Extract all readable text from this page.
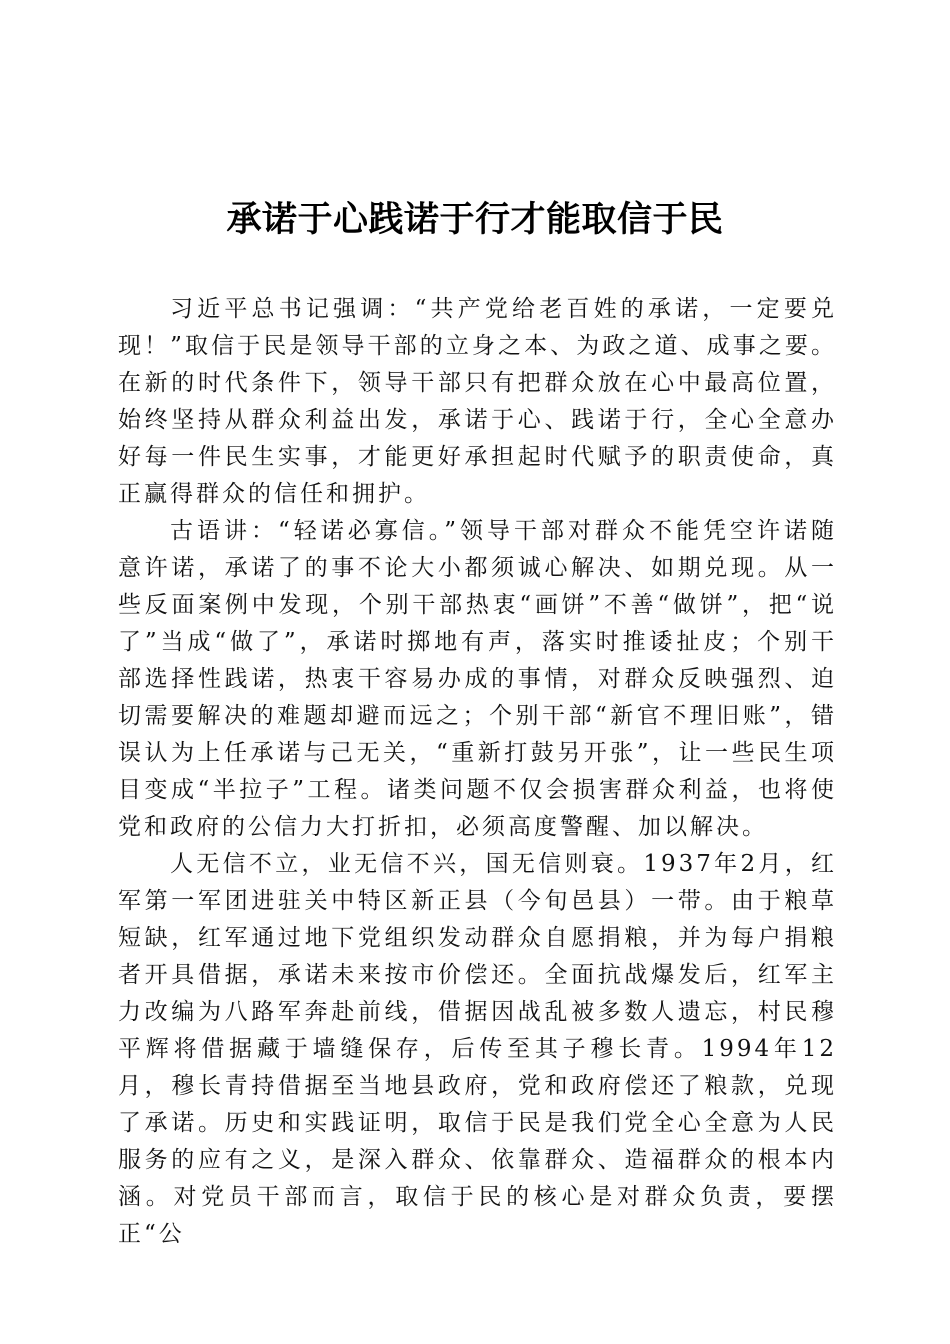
承诺于心践诺于行才能取信于民

习近平总书记强调：“共产党给老百姓的承诺，一定要兑现！”取信于民是领导干部的立身之本、为政之道、成事之要。在新的时代条件下，领导干部只有把群众放在心中最高位置，始终坚持从群众利益出发，承诺于心、践诺于行，全心全意办好每一件民生实事，才能更好承担起时代赋予的职责使命，真正赢得群众的信任和拥护。

古语讲：“轻诺必寡信。”领导干部对群众不能凭空许诺随意许诺，承诺了的事不论大小都须诚心解决、如期兑现。从一些反面案例中发现，个别干部热衷“画饼”不善“做饼”，把“说了”当成“做了”，承诺时掷地有声，落实时推诿扯皮；个别干部选择性践诺，热衷干容易办成的事情，对群众反映强烈、迫切需要解决的难题却避而远之；个别干部“新官不理旧账”，错误认为上任承诺与己无关，“重新打鼓另开张”，让一些民生项目变成“半拉子”工程。诸类问题不仅会损害群众利益，也将使党和政府的公信力大打折扣，必须高度警醒、加以解决。

人无信不立，业无信不兴，国无信则衰。1937年2月，红军第一军团进驻关中特区新正县（今旬邑县）一带。由于粮草短缺，红军通过地下党组织发动群众自愿捐粮，并为每户捐粮者开具借据，承诺未来按市价偿还。全面抗战爆发后，红军主力改编为八路军奔赴前线，借据因战乱被多数人遗忘，村民穆平辉将借据藏于墙缝保存，后传至其子穆长青。1994年12月，穆长青持借据至当地县政府，党和政府偿还了粮款，兑现了承诺。历史和实践证明，取信于民是我们党全心全意为人民服务的应有之义，是深入群众、依靠群众、造福群众的根本内涵。对党员干部而言，取信于民的核心是对群众负责，要摆正“公
